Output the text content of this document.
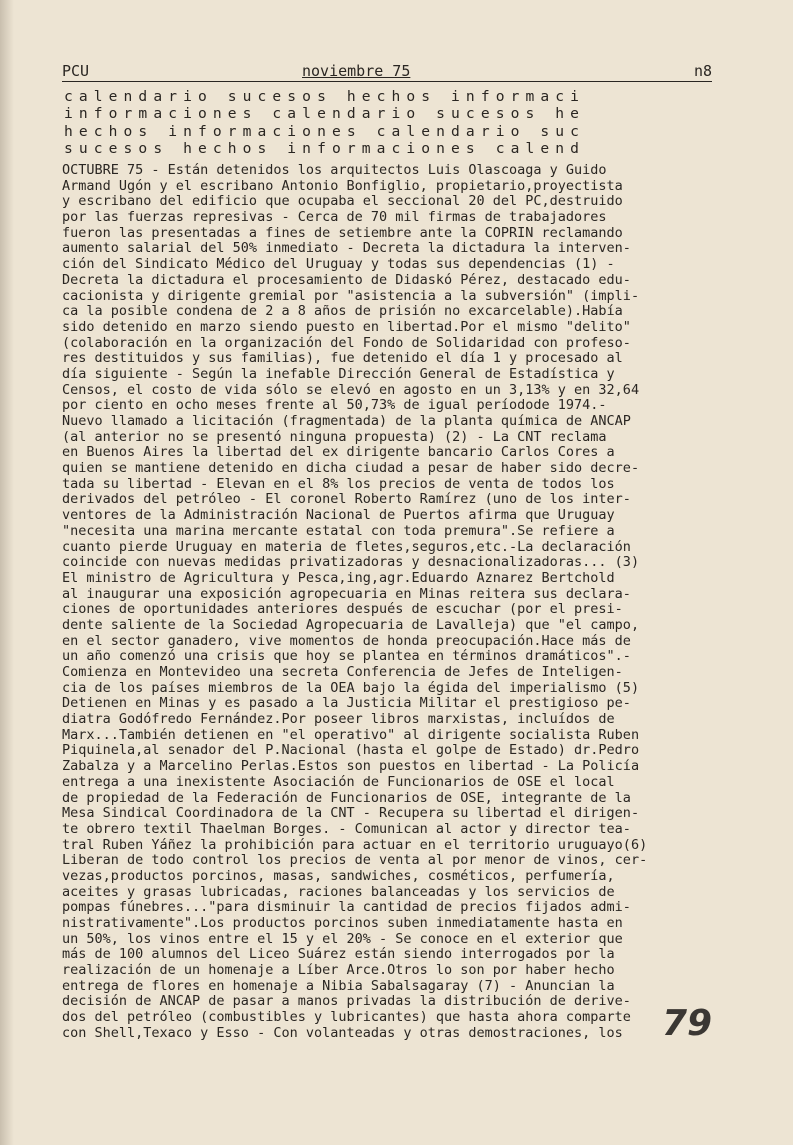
PCU	noviembre 75	n8
calendario sucesos hechos informaci
informaciones calendario sucesos he
hechos informaciones calendario suc
sucesos hechos informaciones calend
OCTUBRE 75 - Están detenidos los arquitectos Luis Olascoaga y Guido
Armand Ugón y el escribano Antonio Bonfiglio, propietario,proyectista
y escribano del edificio que ocupaba el seccional 20 del PC,destruido
por las fuerzas represivas - Cerca de 70 mil firmas de trabajadores
fueron las presentadas a fines de setiembre ante la COPRIN reclamando
aumento salarial del 50% inmediato - Decreta la dictadura la interven-
ción del Sindicato Médico del Uruguay y todas sus dependencias (1) -
Decreta la dictadura el procesamiento de Didaskó Pérez, destacado edu-
cacionista y dirigente gremial por "asistencia a la subversión" (impli-
ca la posible condena de 2 a 8 años de prisión no excarcelable).Había
sido detenido en marzo siendo puesto en libertad.Por el mismo "delito"
(colaboración en la organización del Fondo de Solidaridad con profeso-
res destituidos y sus familias), fue detenido el día 1 y procesado al
día siguiente - Según la inefable Dirección General de Estadística y
Censos, el costo de vida sólo se elevó en agosto en un 3,13% y en 32,64
por ciento en ocho meses frente al 50,73% de igual períodode 1974.-
Nuevo llamado a licitación (fragmentada) de la planta química de ANCAP
(al anterior no se presentó ninguna propuesta) (2) - La CNT reclama
en Buenos Aires la libertad del ex dirigente bancario Carlos Cores a
quien se mantiene detenido en dicha ciudad a pesar de haber sido decre-
tada su libertad - Elevan en el 8% los precios de venta de todos los
derivados del petróleo - El coronel Roberto Ramírez (uno de los inter-
ventores de la Administración Nacional de Puertos afirma que Uruguay
"necesita una marina mercante estatal con toda premura".Se refiere a
cuanto pierde Uruguay en materia de fletes,seguros,etc.-La declaración
coincide con nuevas medidas privatizadoras y desnacionalizadoras... (3)
El ministro de Agricultura y Pesca,ing,agr.Eduardo Aznarez Bertchold
al inaugurar una exposición agropecuaria en Minas reitera sus declara-
ciones de oportunidades anteriores después de escuchar (por el presi-
dente saliente de la Sociedad Agropecuaria de Lavalleja) que "el campo,
en el sector ganadero, vive momentos de honda preocupación.Hace más de
un año comenzó una crisis que hoy se plantea en términos dramáticos".-
Comienza en Montevideo una secreta Conferencia de Jefes de Inteligen-
cia de los países miembros de la OEA bajo la égida del imperialismo (5)
Detienen en Minas y es pasado a la Justicia Militar el prestigioso pe-
diatra Godófredo Fernández.Por poseer libros marxistas, incluídos de
Marx...También detienen en "el operativo" al dirigente socialista Ruben
Piquinela,al senador del P.Nacional (hasta el golpe de Estado) dr.Pedro
Zabalza y a Marcelino Perlas.Estos son puestos en libertad - La Policía
entrega a una inexistente Asociación de Funcionarios de OSE el local
de propiedad de la Federación de Funcionarios de OSE, integrante de la
Mesa Sindical Coordinadora de la CNT - Recupera su libertad el dirigen-
te obrero textil Thaelman Borges. - Comunican al actor y director tea-
tral Ruben Yáñez la prohibición para actuar en el territorio uruguayo(6)
Liberan de todo control los precios de venta al por menor de vinos, cer-
vezas,productos porcinos, masas, sandwiches, cosméticos, perfumería,
aceites y grasas lubricadas, raciones balanceadas y los servicios de
pompas fúnebres..."para disminuir la cantidad de precios fijados admi-
nistrativamente".Los productos porcinos suben inmediatamente hasta en
un 50%, los vinos entre el 15 y el 20% - Se conoce en el exterior que
más de 100 alumnos del Liceo Suárez están siendo interrogados por la
realización de un homenaje a Líber Arce.Otros lo son por haber hecho
entrega de flores en homenaje a Nibia Sabalsagaray (7) - Anuncian la
decisión de ANCAP de pasar a manos privadas la distribución de derive-
dos del petróleo (combustibles y lubricantes) que hasta ahora comparte
con Shell,Texaco y Esso - Con volanteadas y otras demostraciones, los	79
